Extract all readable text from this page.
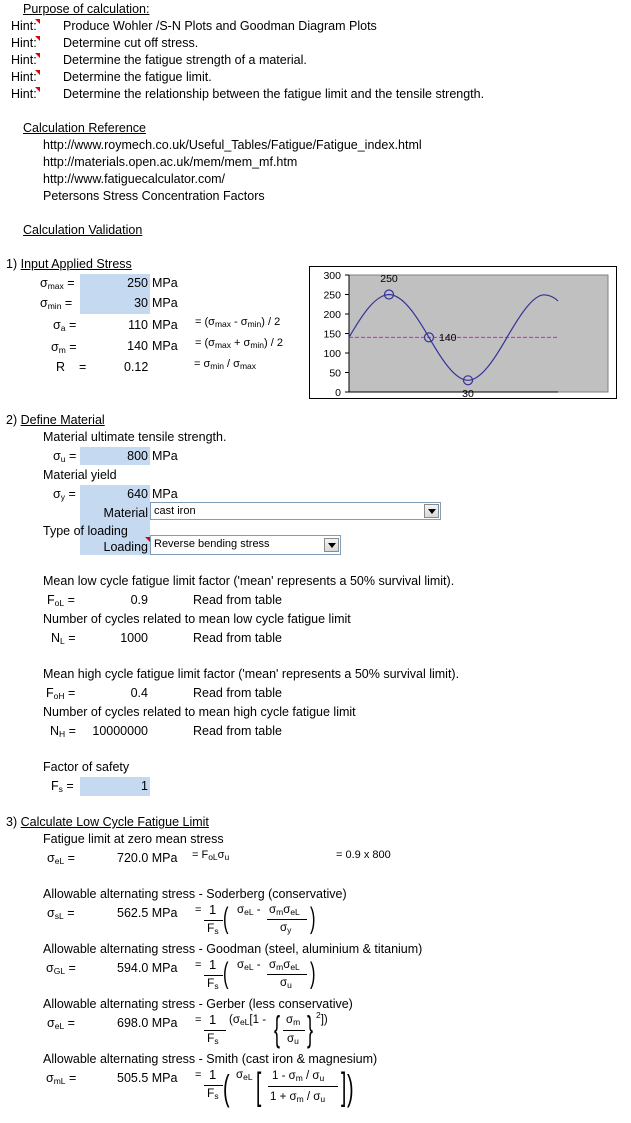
Purpose of calculation:
Hint: Produce Wohler /S-N Plots and Goodman Diagram Plots
Hint: Determine cut off stress.
Hint: Determine the fatigue strength of a material.
Hint: Determine the fatigue limit.
Hint: Determine the relationship between the fatigue limit and the tensile strength.
Calculation Reference
http://www.roymech.co.uk/Useful_Tables/Fatigue/Fatigue_index.html
http://materials.open.ac.uk/mem/mem_mf.htm
http://www.fatiguecalculator.com/
Petersons Stress Concentration Factors
Calculation Validation
1) Input Applied Stress
$\sigma_{max}$ =	250 MPa
$\sigma_{min}$ =	30 MPa
$\sigma_a$ =	110 MPa = $(\sigma_{max} - \sigma_{min}) / 2$
$\sigma_m$ =	140 MPa = $(\sigma_{max} + \sigma_{min}) / 2$
R =	0.12	= $\sigma_{min} / \sigma_{max}$
300
250
200
150
100
50
0
250
140
30
2) Define Material
Material ultimate tensile strength.
$\sigma_u$ =	800 MPa
Material yield
$\sigma_y$ =	640 MPa
Material cast iron
Type of loading
Loading Reverse bending stress
Mean low cycle fatigue limit factor ('mean' represents a 50% survival limit).
$F_{oL}$ =	0.9	Read from table
Number of cycles related to mean low cycle fatigue limit
$N_L$ =	1000	Read from table
Mean high cycle fatigue limit factor ('mean' represents a 50% survival limit).
$F_{oH}$ =	0.4	Read from table
Number of cycles related to mean high cycle fatigue limit
$N_H$ =	10000000	Read from table
Factor of safety
$F_s$ =	1
3) Calculate Low Cycle Fatigue Limit
Fatigue limit at zero mean stress
$\sigma_{eL}$ =	720.0 MPa = $F_{oL}\sigma_u$	= 0.9 x 800
Allowable alternating stress - Soderberg (conservative)
$\sigma_{sL}$ =	562.5 MPa = 1
$F_s$ ( $\sigma_{eL} - \sigma_m\sigma_{eL}$
$\sigma_y$ )
Allowable alternating stress - Goodman (steel, aluminium & titanium)
$\sigma_{GL}$ =	594.0 MPa = 1
$F_s$ ( $\sigma_{eL} - \sigma_m\sigma_{eL}$
$\sigma_u$ )
Allowable alternating stress - Gerber (less conservative)
$\sigma_{eL}$ =	698.0 MPa = 1
$F_s$
($\sigma_{eL}[1$ - { $\sigma_m$
$\sigma_u$ } $^2$])
Allowable alternating stress - Smith (cast iron & magnesium)
$\sigma_{mL}$ =	505.5 MPa = 1
$F_s$ ( $\sigma_{eL}$ [ $1 - \sigma_m / \sigma_u$
$1 + \sigma_m / \sigma_u$ ] )
